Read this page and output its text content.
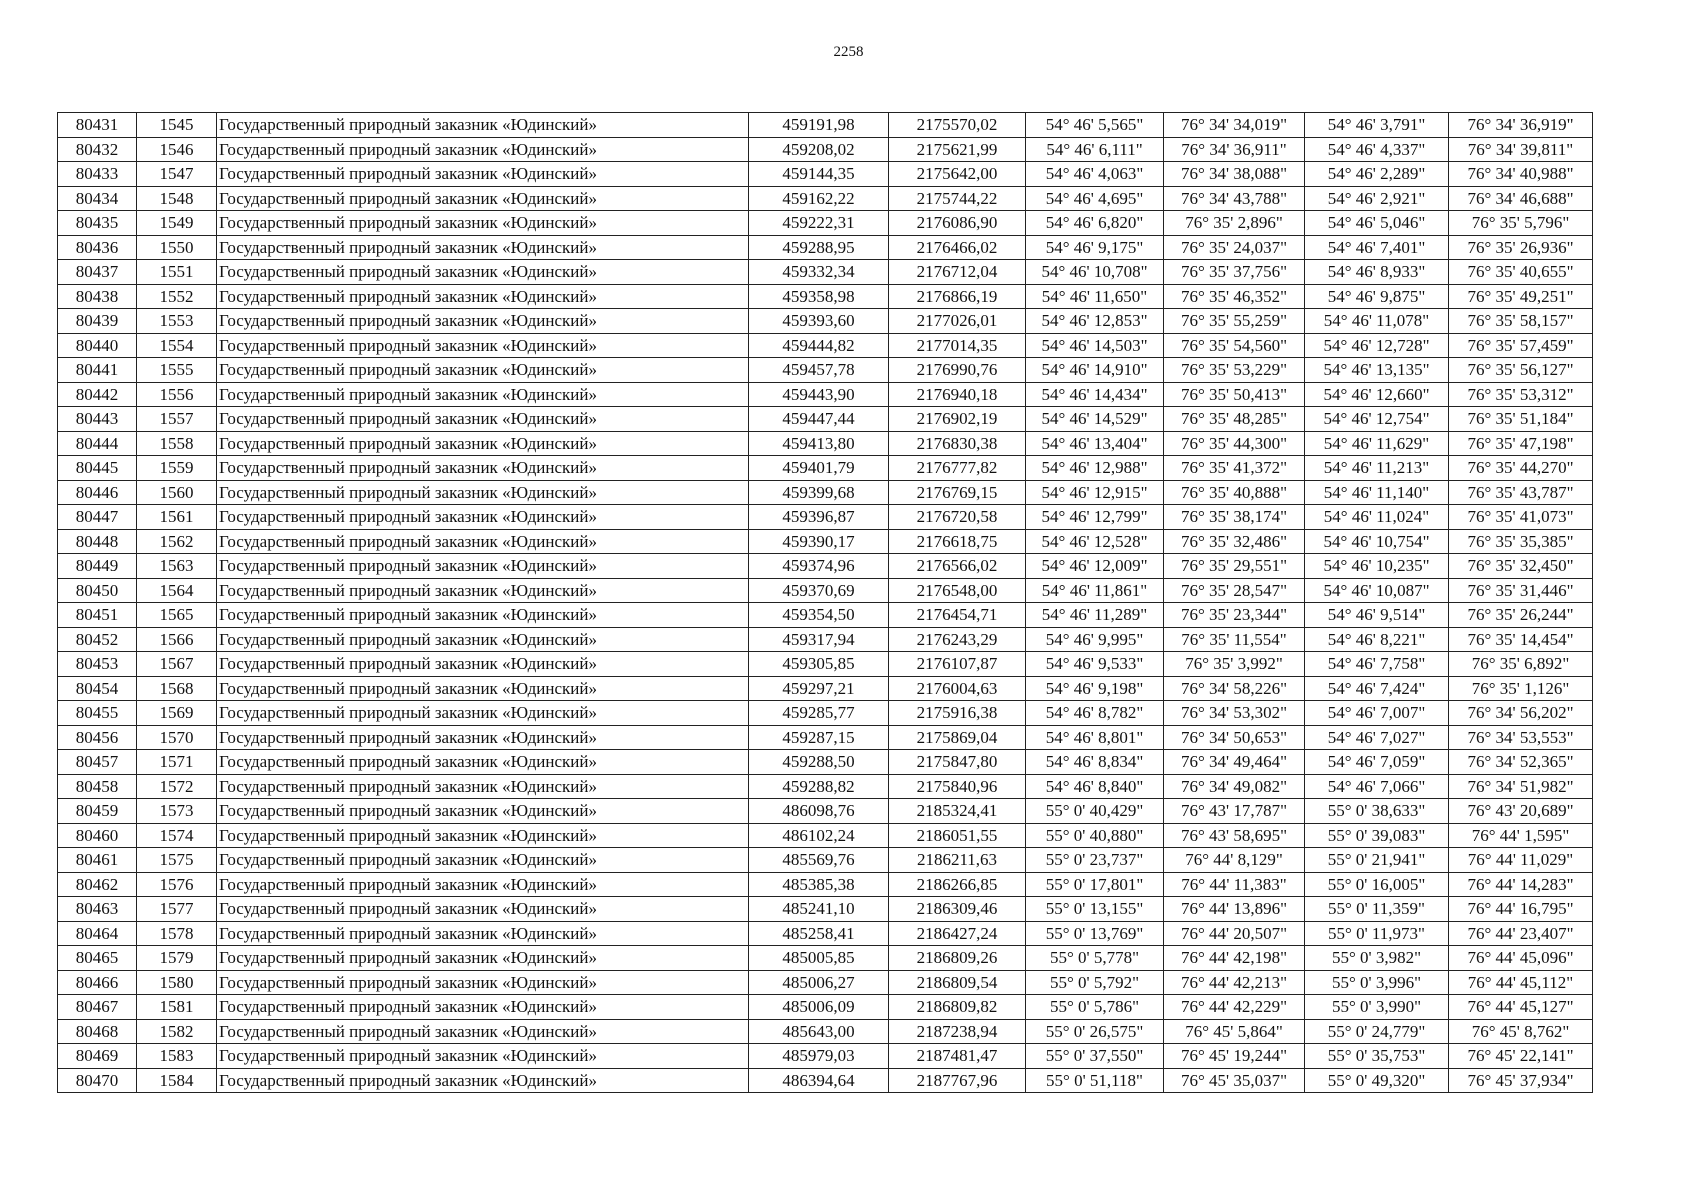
2258
80431	1545	Государственный природный заказник «Юдинский»	459191,98	2175570,02	54° 46' 5,565"	76° 34' 34,019"	54° 46' 3,791"	76° 34' 36,919"
80432	1546	Государственный природный заказник «Юдинский»	459208,02	2175621,99	54° 46' 6,111"	76° 34' 36,911"	54° 46' 4,337"	76° 34' 39,811"
80433	1547	Государственный природный заказник «Юдинский»	459144,35	2175642,00	54° 46' 4,063"	76° 34' 38,088"	54° 46' 2,289"	76° 34' 40,988"
80434	1548	Государственный природный заказник «Юдинский»	459162,22	2175744,22	54° 46' 4,695"	76° 34' 43,788"	54° 46' 2,921"	76° 34' 46,688"
80435	1549	Государственный природный заказник «Юдинский»	459222,31	2176086,90	54° 46' 6,820"	76° 35' 2,896"	54° 46' 5,046"	76° 35' 5,796"
80436	1550	Государственный природный заказник «Юдинский»	459288,95	2176466,02	54° 46' 9,175"	76° 35' 24,037"	54° 46' 7,401"	76° 35' 26,936"
80437	1551	Государственный природный заказник «Юдинский»	459332,34	2176712,04	54° 46' 10,708"	76° 35' 37,756"	54° 46' 8,933"	76° 35' 40,655"
80438	1552	Государственный природный заказник «Юдинский»	459358,98	2176866,19	54° 46' 11,650"	76° 35' 46,352"	54° 46' 9,875"	76° 35' 49,251"
80439	1553	Государственный природный заказник «Юдинский»	459393,60	2177026,01	54° 46' 12,853"	76° 35' 55,259"	54° 46' 11,078"	76° 35' 58,157"
80440	1554	Государственный природный заказник «Юдинский»	459444,82	2177014,35	54° 46' 14,503"	76° 35' 54,560"	54° 46' 12,728"	76° 35' 57,459"
80441	1555	Государственный природный заказник «Юдинский»	459457,78	2176990,76	54° 46' 14,910"	76° 35' 53,229"	54° 46' 13,135"	76° 35' 56,127"
80442	1556	Государственный природный заказник «Юдинский»	459443,90	2176940,18	54° 46' 14,434"	76° 35' 50,413"	54° 46' 12,660"	76° 35' 53,312"
80443	1557	Государственный природный заказник «Юдинский»	459447,44	2176902,19	54° 46' 14,529"	76° 35' 48,285"	54° 46' 12,754"	76° 35' 51,184"
80444	1558	Государственный природный заказник «Юдинский»	459413,80	2176830,38	54° 46' 13,404"	76° 35' 44,300"	54° 46' 11,629"	76° 35' 47,198"
80445	1559	Государственный природный заказник «Юдинский»	459401,79	2176777,82	54° 46' 12,988"	76° 35' 41,372"	54° 46' 11,213"	76° 35' 44,270"
80446	1560	Государственный природный заказник «Юдинский»	459399,68	2176769,15	54° 46' 12,915"	76° 35' 40,888"	54° 46' 11,140"	76° 35' 43,787"
80447	1561	Государственный природный заказник «Юдинский»	459396,87	2176720,58	54° 46' 12,799"	76° 35' 38,174"	54° 46' 11,024"	76° 35' 41,073"
80448	1562	Государственный природный заказник «Юдинский»	459390,17	2176618,75	54° 46' 12,528"	76° 35' 32,486"	54° 46' 10,754"	76° 35' 35,385"
80449	1563	Государственный природный заказник «Юдинский»	459374,96	2176566,02	54° 46' 12,009"	76° 35' 29,551"	54° 46' 10,235"	76° 35' 32,450"
80450	1564	Государственный природный заказник «Юдинский»	459370,69	2176548,00	54° 46' 11,861"	76° 35' 28,547"	54° 46' 10,087"	76° 35' 31,446"
80451	1565	Государственный природный заказник «Юдинский»	459354,50	2176454,71	54° 46' 11,289"	76° 35' 23,344"	54° 46' 9,514"	76° 35' 26,244"
80452	1566	Государственный природный заказник «Юдинский»	459317,94	2176243,29	54° 46' 9,995"	76° 35' 11,554"	54° 46' 8,221"	76° 35' 14,454"
80453	1567	Государственный природный заказник «Юдинский»	459305,85	2176107,87	54° 46' 9,533"	76° 35' 3,992"	54° 46' 7,758"	76° 35' 6,892"
80454	1568	Государственный природный заказник «Юдинский»	459297,21	2176004,63	54° 46' 9,198"	76° 34' 58,226"	54° 46' 7,424"	76° 35' 1,126"
80455	1569	Государственный природный заказник «Юдинский»	459285,77	2175916,38	54° 46' 8,782"	76° 34' 53,302"	54° 46' 7,007"	76° 34' 56,202"
80456	1570	Государственный природный заказник «Юдинский»	459287,15	2175869,04	54° 46' 8,801"	76° 34' 50,653"	54° 46' 7,027"	76° 34' 53,553"
80457	1571	Государственный природный заказник «Юдинский»	459288,50	2175847,80	54° 46' 8,834"	76° 34' 49,464"	54° 46' 7,059"	76° 34' 52,365"
80458	1572	Государственный природный заказник «Юдинский»	459288,82	2175840,96	54° 46' 8,840"	76° 34' 49,082"	54° 46' 7,066"	76° 34' 51,982"
80459	1573	Государственный природный заказник «Юдинский»	486098,76	2185324,41	55° 0' 40,429"	76° 43' 17,787"	55° 0' 38,633"	76° 43' 20,689"
80460	1574	Государственный природный заказник «Юдинский»	486102,24	2186051,55	55° 0' 40,880"	76° 43' 58,695"	55° 0' 39,083"	76° 44' 1,595"
80461	1575	Государственный природный заказник «Юдинский»	485569,76	2186211,63	55° 0' 23,737"	76° 44' 8,129"	55° 0' 21,941"	76° 44' 11,029"
80462	1576	Государственный природный заказник «Юдинский»	485385,38	2186266,85	55° 0' 17,801"	76° 44' 11,383"	55° 0' 16,005"	76° 44' 14,283"
80463	1577	Государственный природный заказник «Юдинский»	485241,10	2186309,46	55° 0' 13,155"	76° 44' 13,896"	55° 0' 11,359"	76° 44' 16,795"
80464	1578	Государственный природный заказник «Юдинский»	485258,41	2186427,24	55° 0' 13,769"	76° 44' 20,507"	55° 0' 11,973"	76° 44' 23,407"
80465	1579	Государственный природный заказник «Юдинский»	485005,85	2186809,26	55° 0' 5,778"	76° 44' 42,198"	55° 0' 3,982"	76° 44' 45,096"
80466	1580	Государственный природный заказник «Юдинский»	485006,27	2186809,54	55° 0' 5,792"	76° 44' 42,213"	55° 0' 3,996"	76° 44' 45,112"
80467	1581	Государственный природный заказник «Юдинский»	485006,09	2186809,82	55° 0' 5,786"	76° 44' 42,229"	55° 0' 3,990"	76° 44' 45,127"
80468	1582	Государственный природный заказник «Юдинский»	485643,00	2187238,94	55° 0' 26,575"	76° 45' 5,864"	55° 0' 24,779"	76° 45' 8,762"
80469	1583	Государственный природный заказник «Юдинский»	485979,03	2187481,47	55° 0' 37,550"	76° 45' 19,244"	55° 0' 35,753"	76° 45' 22,141"
80470	1584	Государственный природный заказник «Юдинский»	486394,64	2187767,96	55° 0' 51,118"	76° 45' 35,037"	55° 0' 49,320"	76° 45' 37,934"
